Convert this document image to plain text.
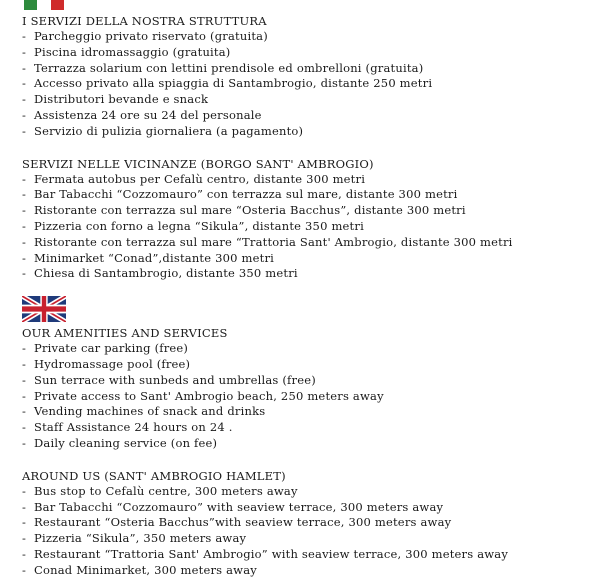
I SERVIZI DELLA NOSTRA STRUTTURA
- Parcheggio privato riservato (gratuita)
- Piscina idromassaggio (gratuita)
- Terrazza solarium con lettini prendisole ed ombrelloni (gratuita)
- Accesso privato alla spiaggia di Santambrogio, distante 250 metri
- Distributori bevande e snack
- Assistenza 24 ore su 24 del personale
- Servizio di pulizia giornaliera (a pagamento)
SERVIZI NELLE VICINANZE (BORGO SANT' AMBROGIO)
- Fermata autobus per Cefalù centro, distante 300 metri
- Bar Tabacchi “Cozzomauro” con terrazza sul mare, distante 300 metri
- Ristorante con terrazza sul mare “Osteria Bacchus”, distante 300 metri
- Pizzeria con forno a legna “Sikula”, distante 350 metri
- Ristorante con terrazza sul mare “Trattoria Sant' Ambrogio, distante 300 metri
- Minimarket “Conad”,distante 300 metri
- Chiesa di Santambrogio, distante 350 metri
OUR AMENITIES AND SERVICES
- Private car parking (free)
- Hydromassage pool (free)
- Sun terrace with sunbeds and umbrellas (free)
- Private access to Sant' Ambrogio beach, 250 meters away
- Vending machines of snack and drinks
- Staff Assistance 24 hours on 24 .
- Daily cleaning service (on fee)
AROUND US (SANT' AMBROGIO HAMLET)
- Bus stop to Cefalù centre, 300 meters away
- Bar Tabacchi “Cozzomauro” with seaview terrace, 300 meters away
- Restaurant “Osteria Bacchus”with seaview terrace, 300 meters away
- Pizzeria “Sikula”, 350 meters away
- Restaurant “Trattoria Sant' Ambrogio” with seaview terrace, 300 meters away
- Conad Minimarket, 300 meters away
